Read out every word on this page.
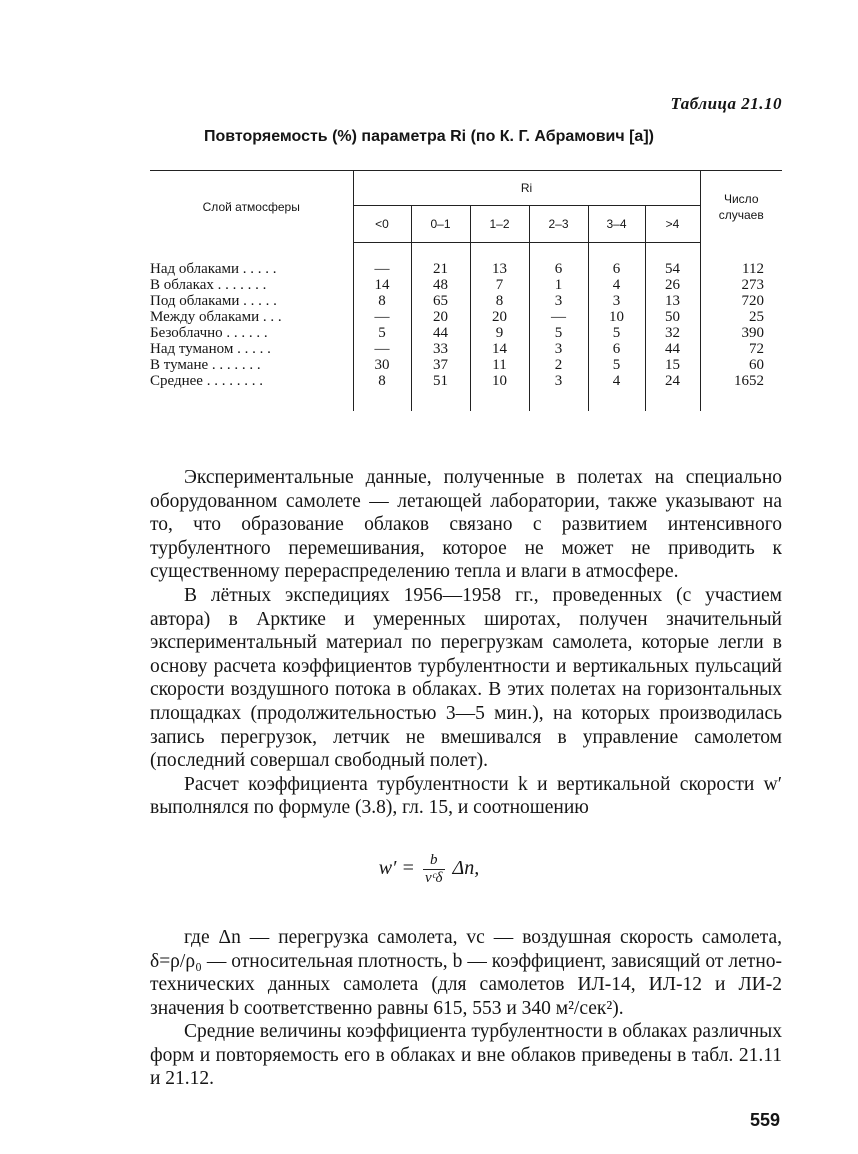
Таблица 21.10
Повторяемость (%) параметра Ri (по К. Г. Абрамович [a])
Слой атмосферы	Ri						Число случаев
	<0	0–1	1–2	2–3	3–4	>4	
Над облаками . . . . .	—	21	13	6	6	54	112
В облаках . . . . . . .	14	48	7	1	4	26	273
Под облаками . . . . .	8	65	8	3	3	13	720
Между облаками . . .	—	20	20	—	10	50	25
Безоблачно . . . . . .	5	44	9	5	5	32	390
Над туманом . . . . .	—	33	14	3	6	44	72
В тумане . . . . . . .	30	37	11	2	5	15	60
Среднее . . . . . . . .	8	51	10	3	4	24	1652

Экспериментальные данные, полученные в полетах на специально оборудованном самолете — летающей лаборатории, также указывают на то, что образование облаков связано с развитием интенсивного турбулентного перемешивания, которое не может не приводить к существенному перераспределению тепла и влаги в атмосфере.

В лётных экспедициях 1956—1958 гг., проведенных (с участием автора) в Арктике и умеренных широтах, получен значительный экспериментальный материал по перегрузкам самолета, которые легли в основу расчета коэффициентов турбулентности и вертикальных пульсаций скорости воздушного потока в облаках. В этих полетах на горизонтальных площадках (продолжительностью 3—5 мин.), на которых производилась запись перегрузок, летчик не вмешивался в управление самолетом (последний совершал свободный полет).

Расчет коэффициента турбулентности k и вертикальной скорости w′ выполнялся по формуле (3.8), гл. 15, и соотношению

где Δn — перегрузка самолета, vc — воздушная скорость самолета, δ=ρ/ρ₀ — относительная плотность, b — коэффициент, зависящий от летно-технических данных самолета (для самолетов ИЛ-14, ИЛ-12 и ЛИ-2 значения b соответственно равны 615, 553 и 340 м²/сек²).

Средние величины коэффициента турбулентности в облаках различных форм и повторяемость его в облаках и вне облаков приведены в табл. 21.11 и 21.12.

$w' = \frac{b}{\text{vᶜδ}} \Delta n$,
559
